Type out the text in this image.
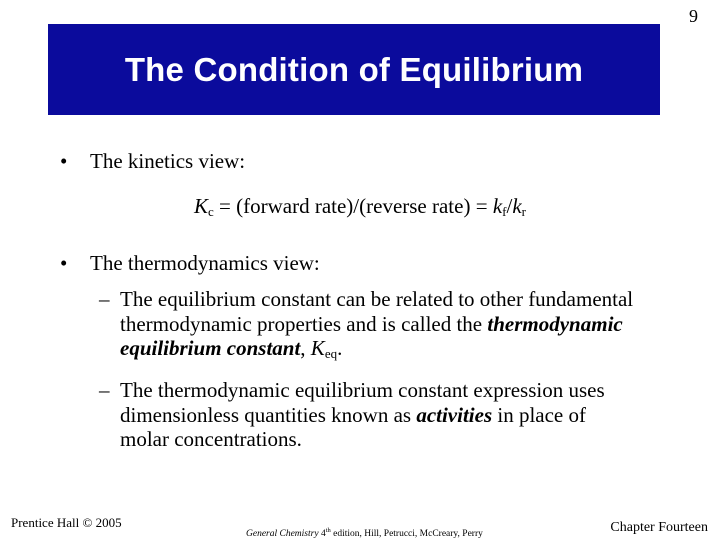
9
The Condition of Equilibrium
• The kinetics view:
$K_c$ = (forward rate)/(reverse rate) = $k_f/k_r$
• The thermodynamics view:
– The equilibrium constant can be related to other fundamental thermodynamic properties and is called the thermodynamic equilibrium constant, $K_{eq}$.
– The thermodynamic equilibrium constant expression uses dimensionless quantities known as activities in place of molar concentrations.
Prentice Hall © 2005
General Chemistry 4th edition, Hill, Petrucci, McCreary, Perry	Chapter Fourteen
